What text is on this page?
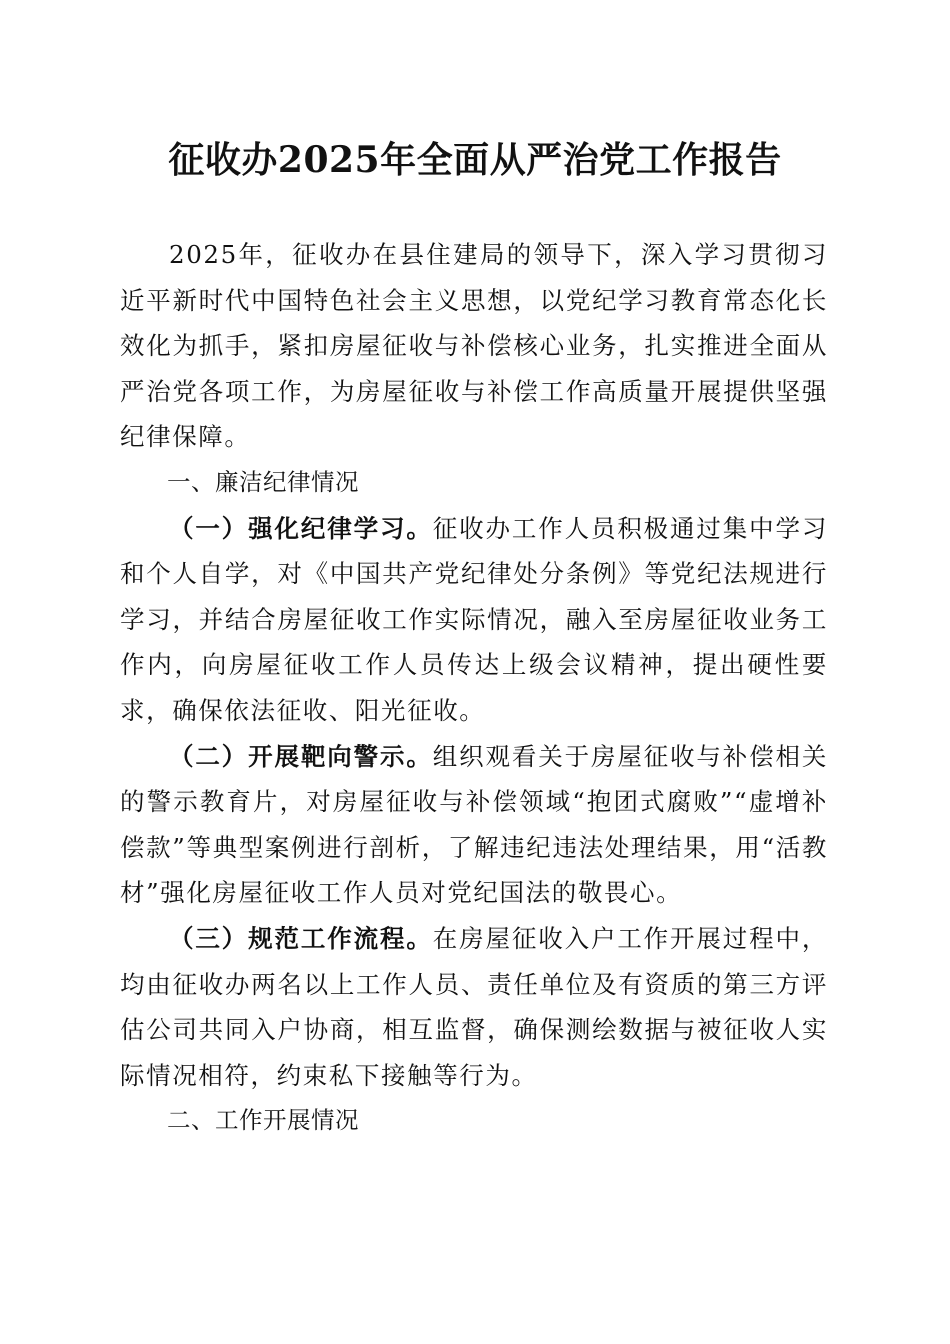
征收办2025年全面从严治党工作报告

2025年，征收办在县住建局的领导下，深入学习贯彻习近平新时代中国特色社会主义思想，以党纪学习教育常态化长效化为抓手，紧扣房屋征收与补偿核心业务，扎实推进全面从严治党各项工作，为房屋征收与补偿工作高质量开展提供坚强纪律保障。

一、廉洁纪律情况

（一）强化纪律学习。征收办工作人员积极通过集中学习和个人自学，对《中国共产党纪律处分条例》等党纪法规进行学习，并结合房屋征收工作实际情况，融入至房屋征收业务工作内，向房屋征收工作人员传达上级会议精神，提出硬性要求，确保依法征收、阳光征收。

（二）开展靶向警示。组织观看关于房屋征收与补偿相关的警示教育片，对房屋征收与补偿领域“抱团式腐败”“虚增补偿款”等典型案例进行剖析，了解违纪违法处理结果，用“活教材”强化房屋征收工作人员对党纪国法的敬畏心。

（三）规范工作流程。在房屋征收入户工作开展过程中，均由征收办两名以上工作人员、责任单位及有资质的第三方评估公司共同入户协商，相互监督，确保测绘数据与被征收人实际情况相符，约束私下接触等行为。

二、工作开展情况
